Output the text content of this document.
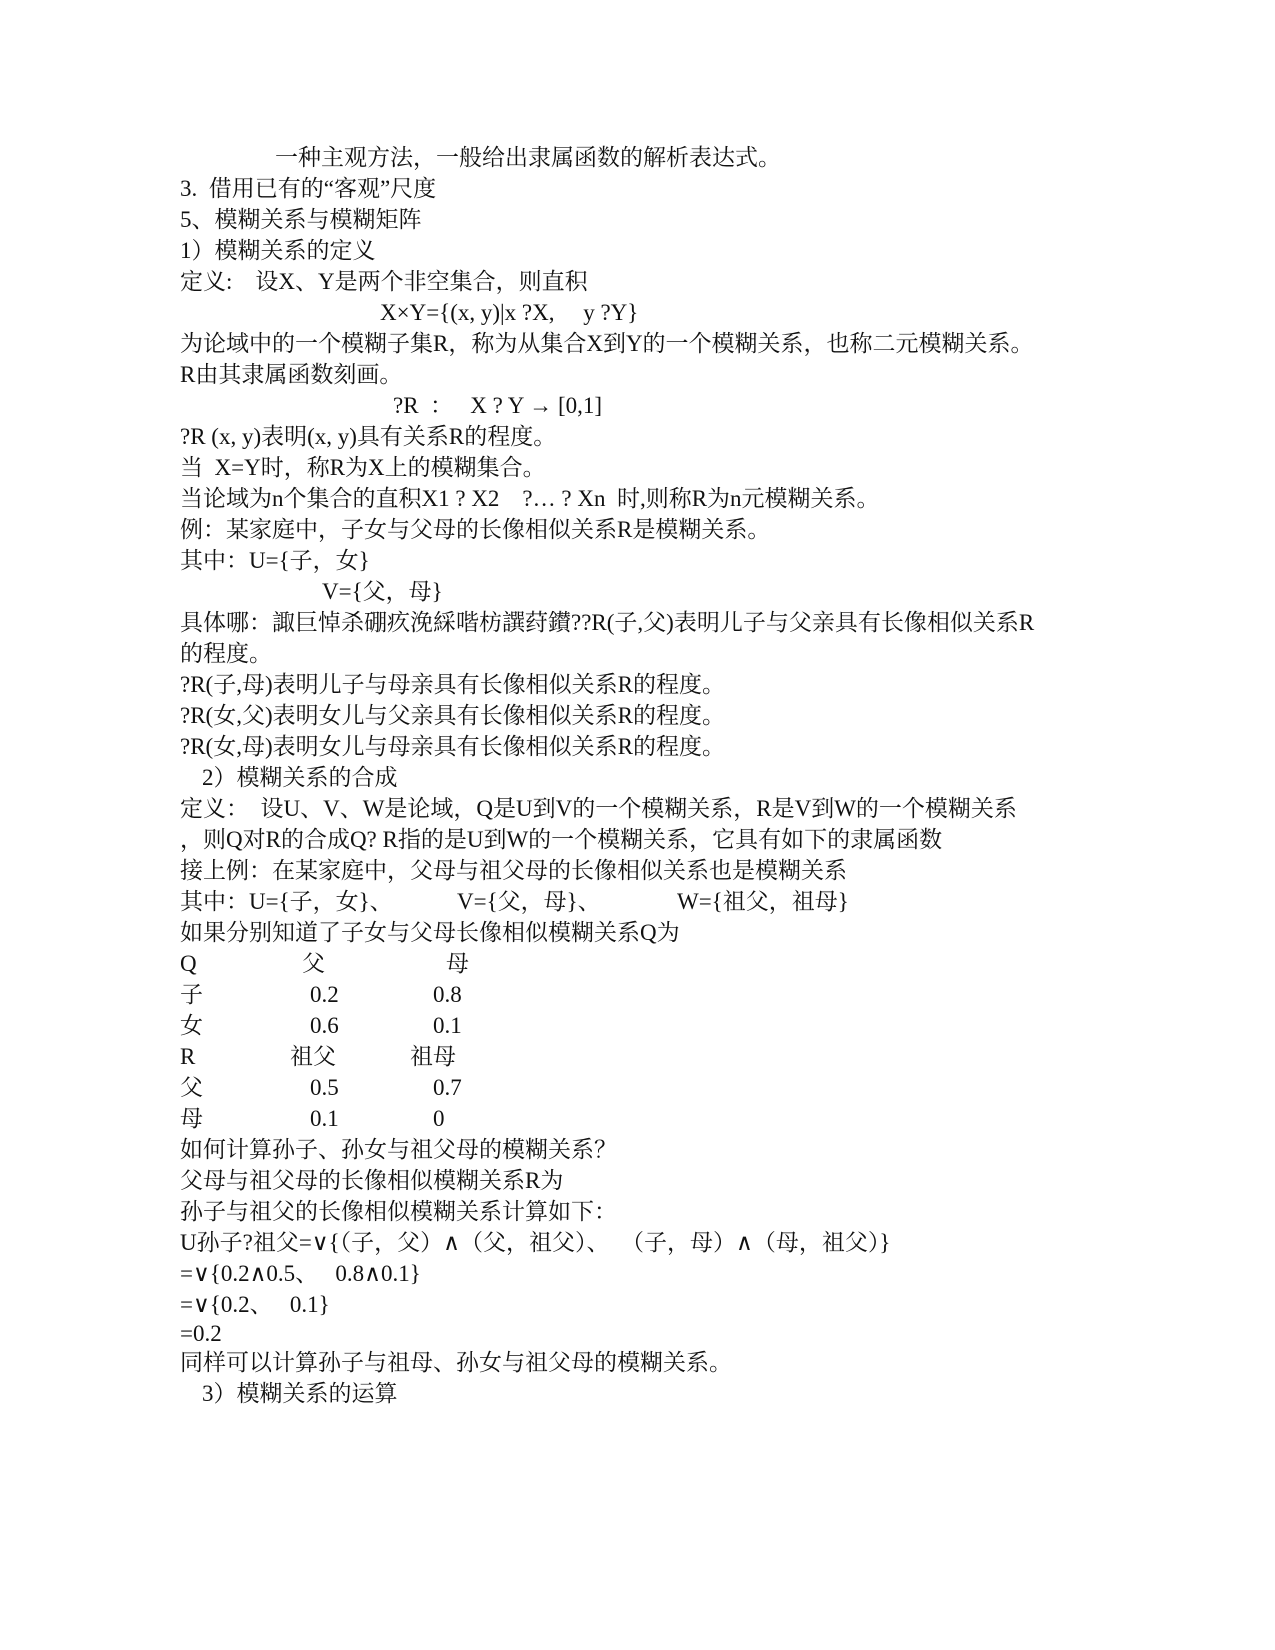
一种主观方法，一般给出隶属函数的解析表达式。
3.  借用已有的“客观”尺度
5、模糊关系与模糊矩阵
1）模糊关系的定义
定义:    设X、Y是两个非空集合，则直积
X×Y={(x, y)|x ?X,     y ?Y}
为论域中的一个模糊子集R，称为从集合X到Y的一个模糊关系，也称二元模糊关系。
R由其隶属函数刻画。
?R  ：   X ? Y → [0,1]
?R (x, y)表明(x, y)具有关系R的程度。
当  X=Y时，称R为X上的模糊集合。
当论域为n个集合的直积X1 ? X2    ?… ? Xn  时,则称R为n元模糊关系。
例：某家庭中，子女与父母的长像相似关系R是模糊关系。
其中：U={子，女}
V={父，母}
具体哪：諏巨悼杀硼疚浼綵喈枋譔荮鑚??R(子,父)表明儿子与父亲具有长像相似关系R
的程度。
?R(子,母)表明儿子与母亲具有长像相似关系R的程度。
?R(女,父)表明女儿与父亲具有长像相似关系R的程度。
?R(女,母)表明女儿与母亲具有长像相似关系R的程度。
2）模糊关系的合成
定义：  设U、V、W是论域，Q是U到V的一个模糊关系，R是V到W的一个模糊关系
，则Q对R的合成Q? R指的是U到W的一个模糊关系，它具有如下的隶属函数
接上例：在某家庭中，父母与祖父母的长像相似关系也是模糊关系
其中：U={子，女}、	V={父，母}、	W={祖父，祖母}
如果分别知道了子女与父母长像相似模糊关系Q为
Q	父	母
子	0.2	0.8
女	0.6	0.1
R	祖父	祖母
父	0.5	0.7
母	0.1	0
如何计算孙子、孙女与祖父母的模糊关系？
父母与祖父母的长像相似模糊关系R为
孙子与祖父的长像相似模糊关系计算如下：
U孙子?祖父=∨{（子，父）∧（父，祖父）、  （子，母）∧（母，祖父）}
=∨{0.2∧0.5、   0.8∧0.1}
=∨{0.2、   0.1}
=0.2
同样可以计算孙子与祖母、孙女与祖父母的模糊关系。
3）模糊关系的运算
